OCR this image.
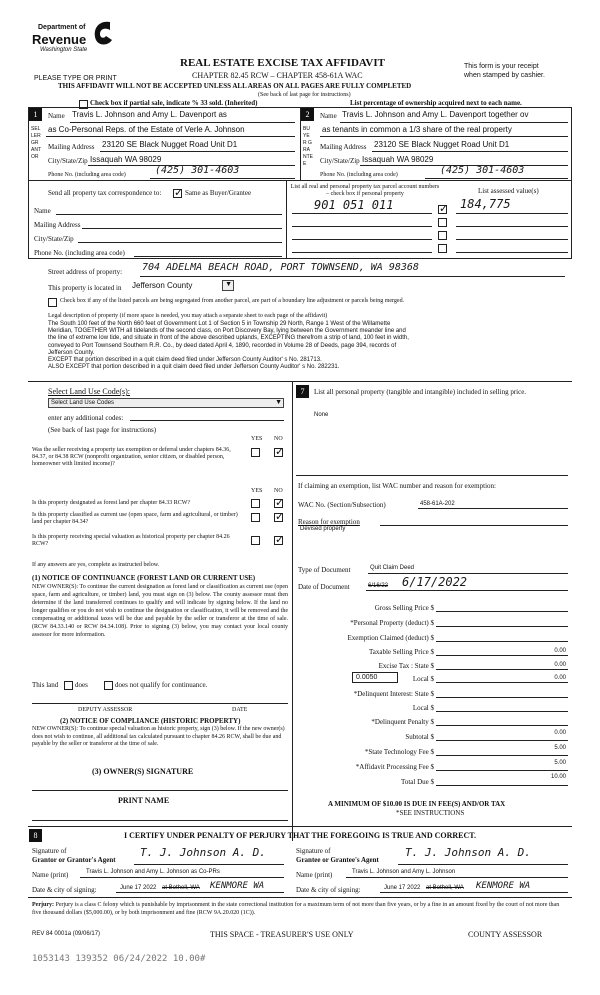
Department of
Revenue
Washington State
PLEASE TYPE OR PRINT
REAL ESTATE EXCISE TAX AFFIDAVIT
CHAPTER 82.45 RCW – CHAPTER 458-61A WAC
THIS AFFIDAVIT WILL NOT BE ACCEPTED UNLESS ALL AREAS ON ALL PAGES ARE FULLY COMPLETED
This form is your receipt
when stamped by cashier.
(See back of last page for instructions)
Check box if partial sale, indicate % 33 sold. (Inherited)	List percentage of ownership acquired next to each name.
1
SELLER GRANTOR
Name Travis L. Johnson and Amy L. Davenport as
as Co-Personal Reps. of the Estate of Verle A. Johnson
Mailing Address 23120 SE Black Nugget Road Unit D1
City/State/Zip Issaquah WA 98029
Phone No. (including area code)	(425) 301-4603
2
BUYER GRANTEE
Name Travis L. Johnson and Amy L. Davenport together ov
as tenants in common a 1/3 share of the real property
Mailing Address 23120 SE Black Nugget Road Unit D1
City/State/Zip Issaquah WA 98029
Phone No. (including area code)	(425) 301-4603
Send all property tax correspondence to:
✓	Same as Buyer/Grantee
Name
Mailing Address
City/State/Zip
Phone No. (including area code)
List all real and personal property tax parcel account numbers – check box if personal property	List assessed value(s)
901 051 011	184,775
✓
Street address of property: 704 ADELMA BEACH ROAD, PORT TOWNSEND, WA 98368
This property is located in Jefferson County	▼
Check box if any of the listed parcels are being segregated from another parcel, are part of a boundary line adjustment or parcels being merged.
Legal description of property (if more space is needed, you may attach a separate sheet to each page of the affidavit)
The South 100 feet of the North 660 feet of Government Lot 1 of Section 5 in Township 29 North, Range 1 West of the Willamette
Meridian, TOGETHER WITH all tidelands of the second class, on Port Discovery Bay, lying between the Government meander line and
the line of extreme low tide, and situate in front of the above described uplands, EXCEPTING therefrom a strip of land, 100 feet in width,
conveyed to Port Townsend Southern R.R. Co., by deed dated April 4, 1890, recorded in Volume 28 of Deeds, page 394, records of
Jefferson County.
EXCEPT that portion described in a quit claim deed filed under Jefferson County Auditor' s No. 281713.
ALSO EXCEPT that portion described in a quit claim deed filed under Jefferson County Auditor' s No. 282231.
Select Land Use Code(s):
Select Land Use Codes	▼
enter any additional codes:
(See back of last page for instructions)
YES NO
Was the seller receiving a property tax exemption or deferral under chapters 84.36, 84.37, or 84.38 RCW (nonprofit organization, senior citizen, or disabled person, homeowner with limited income)?
✓
YES NO
Is this property designated as forest land per chapter 84.33 RCW?
✓
Is this property classified as current use (open space, farm and agricultural, or timber) land per chapter 84.34?
✓
Is this property receiving special valuation as historical property per chapter 84.26 RCW?
✓
If any answers are yes, complete as instructed below.
(1) NOTICE OF CONTINUANCE (FOREST LAND OR CURRENT USE)
NEW OWNER(S): To continue the current designation as forest land or classification as current use (open space, farm and agriculture, or timber) land, you must sign on (3) below. The county assessor must then determine if the land transferred continues to qualify and will indicate by signing below. If the land no longer qualifies or you do not wish to continue the designation or classification, it will be removed and the compensating or additional taxes will be due and payable by the seller or transferor at the time of sale. (RCW 84.33.140 or RCW 84.34.108). Prior to signing (3) below, you may contact your local county assessor for more information.
This land does	does not qualify for continuance.
DEPUTY ASSESSOR	DATE
(2) NOTICE OF COMPLIANCE (HISTORIC PROPERTY)
NEW OWNER(S): To continue special valuation as historic property, sign (3) below. If the new owner(s) does not wish to continue, all additional tax calculated pursuant to chapter 84.26 RCW, shall be due and payable by the seller or transferor at the time of sale.
(3) OWNER(S) SIGNATURE
PRINT NAME
7	List all personal property (tangible and intangible) included in selling price.
None
If claiming an exemption, list WAC number and reason for exemption:
WAC No. (Section/Subsection)	458-61A-202
Reason for exemption
Devised property
Type of Document	Quit Claim Deed
Date of Document	6/16/22 6/17/2022
Gross Selling Price $
*Personal Property (deduct) $
Exemption Claimed (deduct) $
Taxable Selling Price $	0.00
Excise Tax : State $	0.00
0.0050	Local $	0.00
*Delinquent Interest: State $
Local $
*Delinquent Penalty $
Subtotal $	0.00
*State Technology Fee $	5.00
*Affidavit Processing Fee $	5.00
Total Due $
10.00
A MINIMUM OF $10.00 IS DUE IN FEE(S) AND/OR TAX
*SEE INSTRUCTIONS
8	I CERTIFY UNDER PENALTY OF PERJURY THAT THE FOREGOING IS TRUE AND CORRECT.
Signature of
Grantor or Grantor's Agent
T. J. Johnson A. D.
Name (print)	Travis L. Johnson and Amy L. Johnson as Co-PRs
Date & city of signing:	June 17 2022 at Bothell, WA KENMORE WA
Signature of
Grantee or Grantee's Agent
T. J. Johnson A. D.
Name (print)	Travis L. Johnson and Amy L. Johnson
Date & city of signing:	June 17 2022 at Bothell, WA KENMORE WA
Perjury: Perjury is a class C felony which is punishable by imprisonment in the state correctional institution for a maximum term of not more than five years, or by a fine in an amount fixed by the court of not more than five thousand dollars ($5,000.00), or by both imprisonment and fine (RCW 9A.20.020 (1C)).
REV 84 0001a (09/06/17)	THIS SPACE - TREASURER'S USE ONLY	COUNTY ASSESSOR
1053143 139352 06/24/2022 10.00#
